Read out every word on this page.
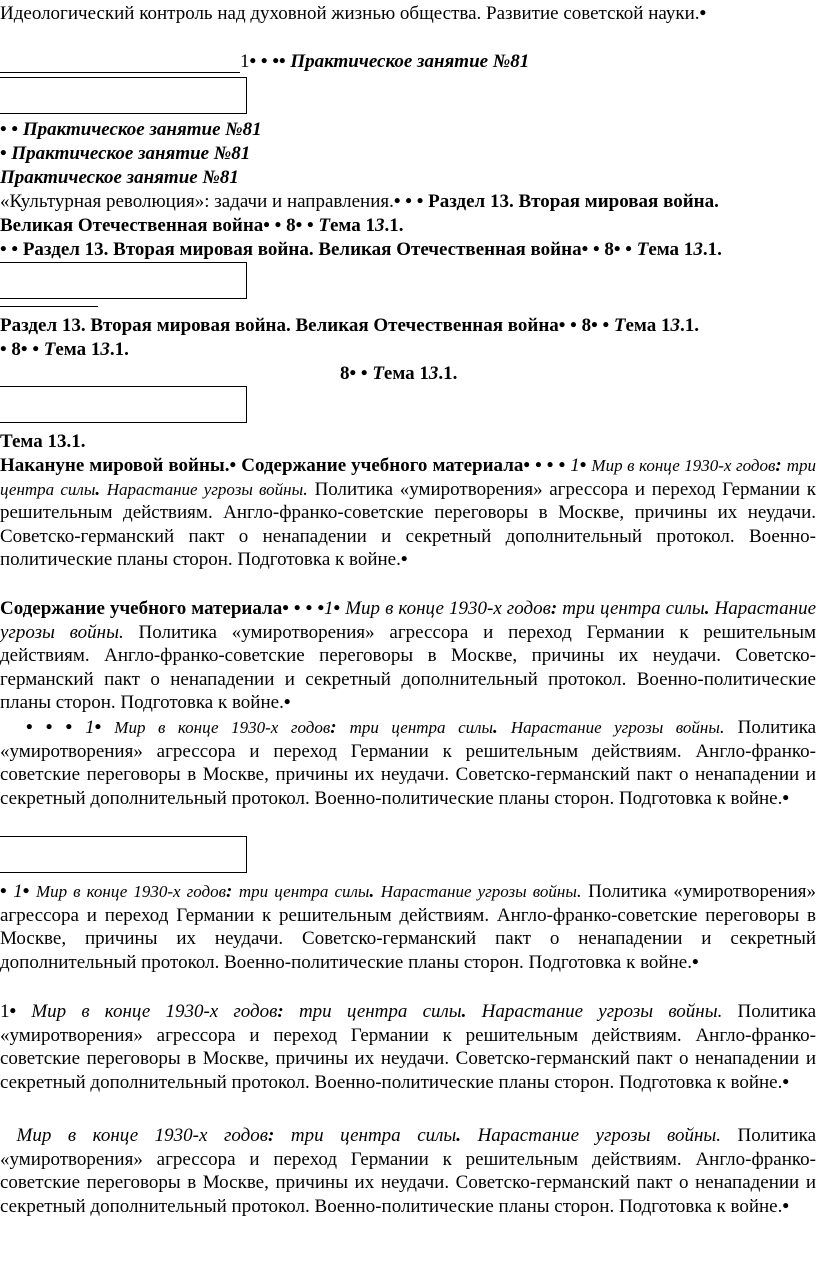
Идеологический контроль над духовной жизнью общества. Развитие советской науки.•
1• • •• Практическое занятие №81
• • Практическое занятие №81
• Практическое занятие №81
Практическое занятие №81
«Культурная революция»: задачи и направления.• • • Раздел 13. Вторая мировая война.
Великая Отечественная война• • 8• • Тема 13.1.
• • Раздел 13. Вторая мировая война. Великая Отечественная война• • 8• • Тема 13.1.
Раздел 13. Вторая мировая война. Великая Отечественная война• • 8• • Тема 13.1.
• 8• • Тема 13.1.
8• • Тема 13.1.
Тема 13.1.
Накануне мировой войны.• Содержание учебного материала• • • • 1• Мир в конце 1930-х годов: три центра силы. Нарастание угрозы войны. Политика «умиротворения» агрессора и переход Германии к решительным действиям. Англо-франко-советские переговоры в Москве, причины их неудачи. Советско-германский пакт о ненападении и секретный дополнительный протокол. Военно-политические планы сторон. Подготовка к войне.•
Содержание учебного материала• • • •1• Мир в конце 1930-х годов: три центра силы. Нарастание угрозы войны. Политика «умиротворения» агрессора и переход Германии к решительным действиям. Англо-франко-советские переговоры в Москве, причины их неудачи. Советско-германский пакт о ненападении и секретный дополнительный протокол. Военно-политические планы сторон. Подготовка к войне.•
• • • 1• Мир в конце 1930-х годов: три центра силы. Нарастание угрозы войны. Политика «умиротворения» агрессора и переход Германии к решительным действиям. Англо-франко-советские переговоры в Москве, причины их неудачи. Советско-германский пакт о ненападении и секретный дополнительный протокол. Военно-политические планы сторон. Подготовка к войне.•
• 1• Мир в конце 1930-х годов: три центра силы. Нарастание угрозы войны. Политика «умиротворения» агрессора и переход Германии к решительным действиям. Англо-франко-советские переговоры в Москве, причины их неудачи. Советско-германский пакт о ненападении и секретный дополнительный протокол. Военно-политические планы сторон. Подготовка к войне.•
1• Мир в конце 1930-х годов: три центра силы. Нарастание угрозы войны. Политика «умиротворения» агрессора и переход Германии к решительным действиям. Англо-франко-советские переговоры в Москве, причины их неудачи. Советско-германский пакт о ненападении и секретный дополнительный протокол. Военно-политические планы сторон. Подготовка к войне.•
Мир в конце 1930-х годов: три центра силы. Нарастание угрозы войны. Политика «умиротворения» агрессора и переход Германии к решительным действиям. Англо-франко-советские переговоры в Москве, причины их неудачи. Советско-германский пакт о ненападении и секретный дополнительный протокол. Военно-политические планы сторон. Подготовка к войне.•
